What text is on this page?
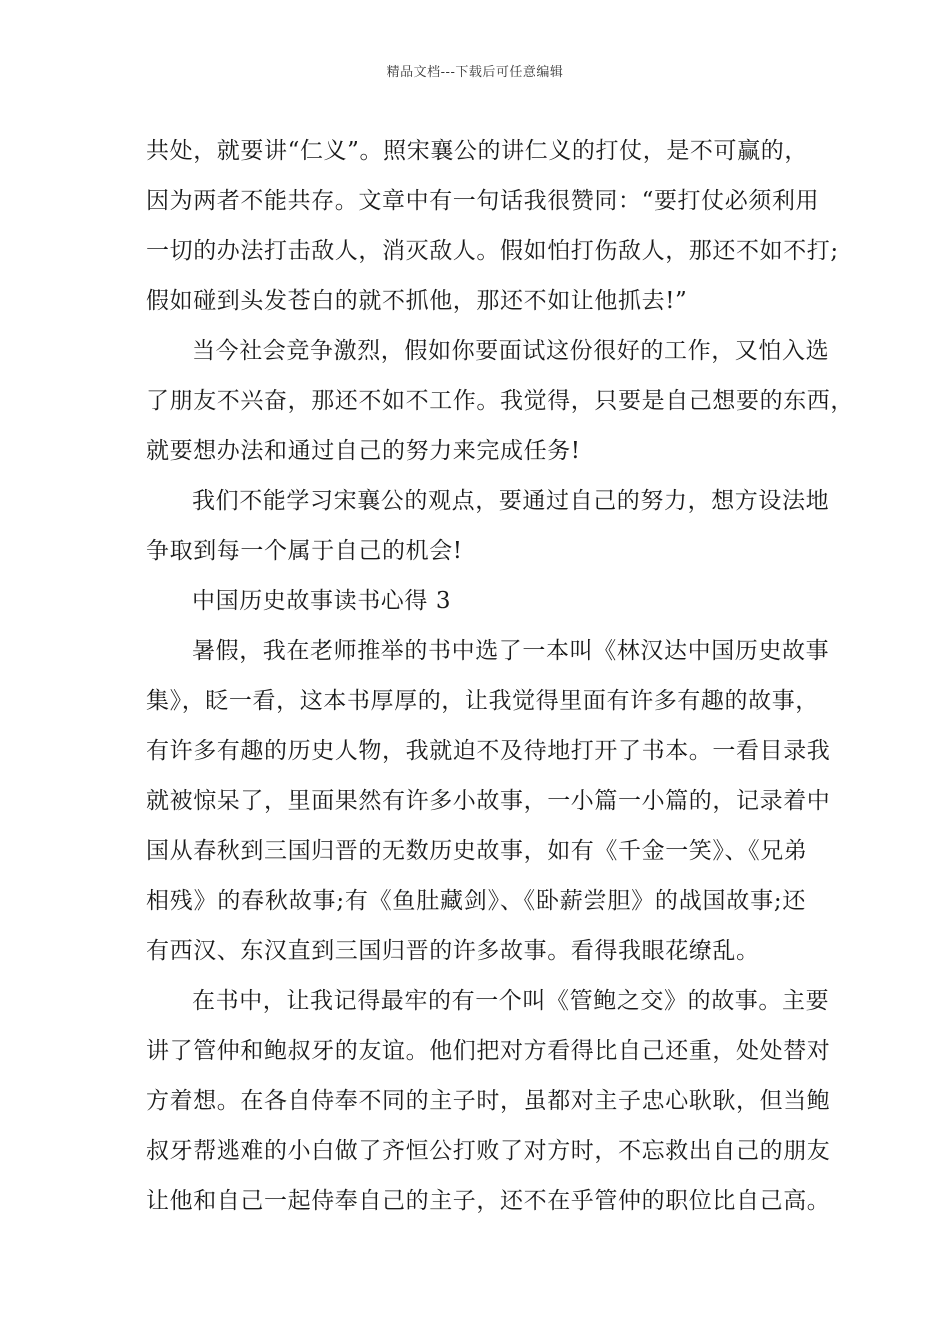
精品文档---下载后可任意编辑
共处，就要讲“仁义”。照宋襄公的讲仁义的打仗，是不可赢的，
因为两者不能共存。文章中有一句话我很赞同：“要打仗必须利用
一切的办法打击敌人，消灭敌人。假如怕打伤敌人，那还不如不打;
假如碰到头发苍白的就不抓他，那还不如让他抓去!”
当今社会竞争激烈，假如你要面试这份很好的工作，又怕入选
了朋友不兴奋，那还不如不工作。我觉得，只要是自己想要的东西，
就要想办法和通过自己的努力来完成任务!
我们不能学习宋襄公的观点，要通过自己的努力，想方设法地
争取到每一个属于自己的机会!
中国历史故事读书心得 3
暑假，我在老师推举的书中选了一本叫《林汉达中国历史故事
集》，眨一看，这本书厚厚的，让我觉得里面有许多有趣的故事，
有许多有趣的历史人物，我就迫不及待地打开了书本。一看目录我
就被惊呆了，里面果然有许多小故事，一小篇一小篇的，记录着中
国从春秋到三国归晋的无数历史故事，如有《千金一笑》、《兄弟
相残》的春秋故事;有《鱼肚藏剑》、《卧薪尝胆》的战国故事;还
有西汉、东汉直到三国归晋的许多故事。看得我眼花缭乱。
在书中，让我记得最牢的有一个叫《管鲍之交》的故事。主要
讲了管仲和鲍叔牙的友谊。他们把对方看得比自己还重，处处替对
方着想。在各自侍奉不同的主子时，虽都对主子忠心耿耿，但当鲍
叔牙帮逃难的小白做了齐恒公打败了对方时，不忘救出自己的朋友
让他和自己一起侍奉自己的主子，还不在乎管仲的职位比自己高。
